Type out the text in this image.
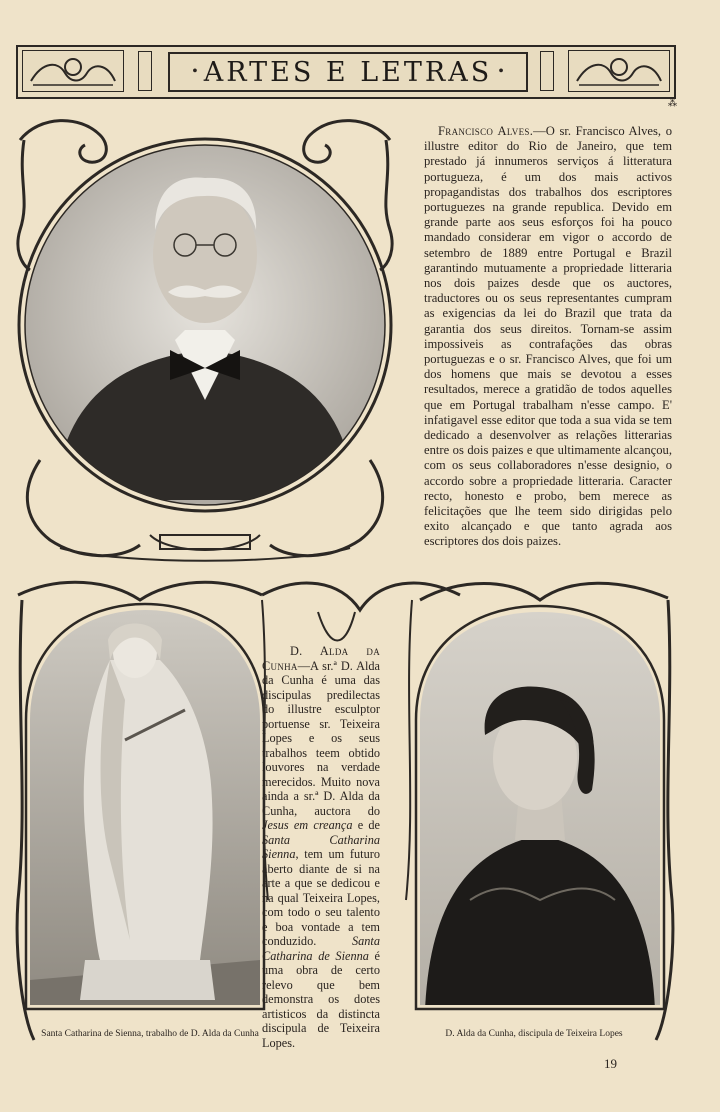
• ARTES E LETRAS •
⁂
Francisco Alves.—O sr. Francisco Alves, o illustre editor do Rio de Janeiro, que tem prestado já innumeros serviços á litteratura portugueza, é um dos mais activos propagandistas dos trabalhos dos escriptores portuguezes na grande republica. Devido em grande parte aos seus esforços foi ha pouco mandado considerar em vigor o accordo de setembro de 1889 entre Portugal e Brazil garantindo mutuamente a propriedade litteraria nos dois paizes desde que os auctores, traductores ou os seus representantes cumpram as exigencias da lei do Brazil que trata da garantia dos seus direitos. Tornam-se assim impossiveis as contrafações das obras portuguezas e o sr. Francisco Alves, que foi um dos homens que mais se devotou a esses resultados, merece a gratidão de todos aquelles que em Portugal trabalham n'esse campo. E' infatigavel esse editor que toda a sua vida se tem dedicado a desenvolver as relações litterarias entre os dois paizes e que ultimamente alcançou, com os seus collaboradores n'esse designio, o accordo sobre a propriedade litteraria. Caracter recto, honesto e probo, bem merece as felicitações que lhe teem sido dirigidas pelo exito alcançado e que tanto agrada aos escriptores dos dois paizes.
D. Alda da Cunha—A sr.ª D. Alda da Cunha é uma das discipulas predilectas do illustre esculptor portuense sr. Teixeira Lopes e os seus trabalhos teem obtido louvores na verdade merecidos. Muito nova ainda a sr.ª D. Alda da Cunha, auctora do Jesus em creança e de Santa Catharina Sienna, tem um futuro aberto diante de si na arte a que se dedicou e na qual Teixeira Lopes, com todo o seu talento e boa vontade a tem conduzido. Santa Catharina de Sienna é uma obra de certo relevo que bem demonstra os dotes artisticos da distincta discipula de Teixeira Lopes.
Santa Catharina de Sienna, trabalho de D. Alda da Cunha	D. Alda da Cunha, discipula de Teixeira Lopes
19
